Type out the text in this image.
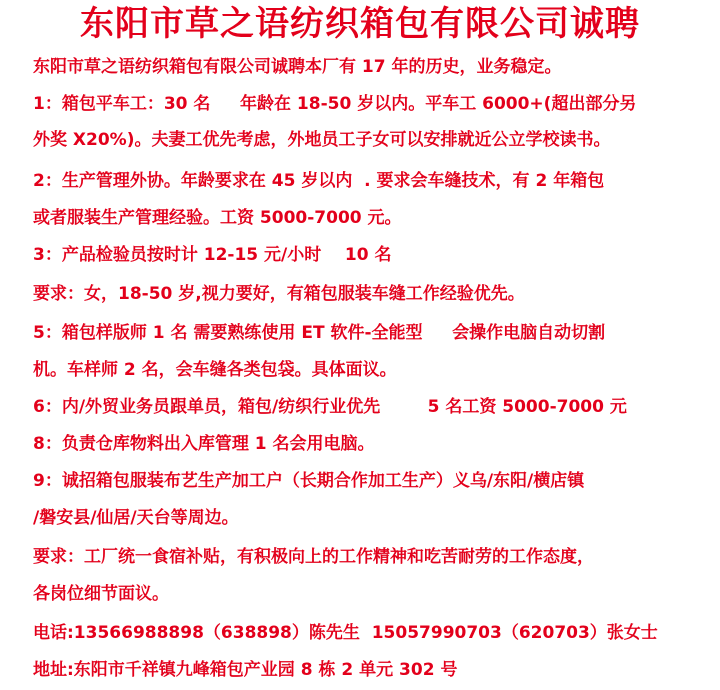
东阳市草之语纺织箱包有限公司诚聘
东阳市草之语纺织箱包有限公司诚聘本厂有 17 年的历史，业务稳定。
1：箱包平车工：30 名     年龄在 18-50 岁以内。平车工 6000+(超出部分另
外奖 X20%)。夫妻工优先考虑，外地员工子女可以安排就近公立学校读书。
2：生产管理外协。年龄要求在 45 岁以内  . 要求会车缝技术，有 2 年箱包
或者服装生产管理经验。工资 5000-7000 元。
3：产品检验员按时计 12-15 元/小时    10 名
要求：女，18-50 岁,视力要好，有箱包服装车缝工作经验优先。
5：箱包样版师 1 名 需要熟练使用 ET 软件-全能型     会操作电脑自动切割
机。车样师 2 名，会车缝各类包袋。具体面议。
6：内/外贸业务员跟单员，箱包/纺织行业优先        5 名工资 5000-7000 元
8：负责仓库物料出入库管理 1 名会用电脑。
9：诚招箱包服装布艺生产加工户（长期合作加工生产）义乌/东阳/横店镇
/磐安县/仙居/天台等周边。
要求：工厂统一食宿补贴，有积极向上的工作精神和吃苦耐劳的工作态度，
各岗位细节面议。
电话:13566988898（638898）陈先生  15057990703（620703）张女士
地址:东阳市千祥镇九峰箱包产业园 8 栋 2 单元 302 号
